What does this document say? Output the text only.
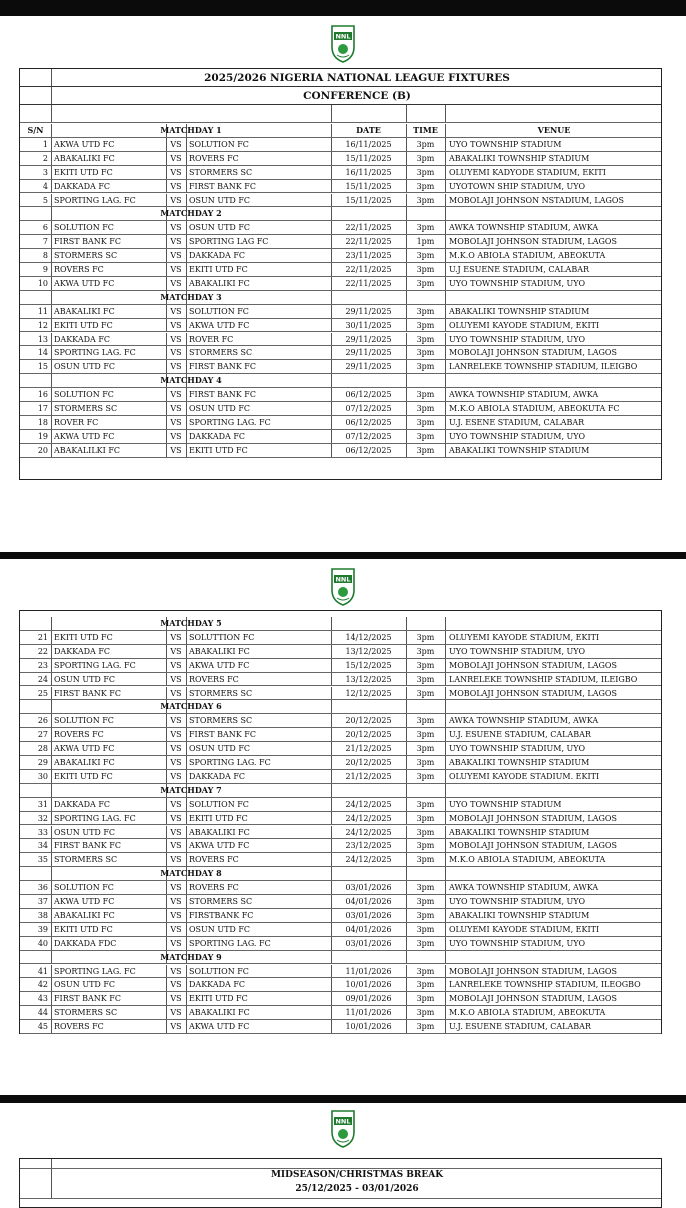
NNL
NNL
NNL
2025/2026 NIGERIA NATIONAL LEAGUE FIXTURES
CONFERENCE (B)
MATCHDAY 1
S/N	DATE	TIME	VENUE
1 AKWA UTD FC	VS SOLUTION FC	16/11/2025	3pm	UYO TOWNSHIP STADIUM
2 ABAKALIKI FC	VS ROVERS FC	15/11/2025	3pm	ABAKALIKI TOWNSHIP STADIUM
3 EKITI UTD FC	VS STORMERS SC	16/11/2025	3pm	OLUYEMI KADYODE STADIUM, EKITI
4 DAKKADA FC	VS FIRST BANK FC	15/11/2025	3pm	UYOTOWN SHIP STADIUM, UYO
5 SPORTING LAG. FC	VS OSUN UTD FC	15/11/2025	3pm	MOBOLAJI JOHNSON NSTADIUM, LAGOS
MATCHDAY 2
6 SOLUTION FC	VS OSUN UTD FC	22/11/2025	3pm	AWKA TOWNSHIP STADIUM, AWKA
7 FIRST BANK FC	VS SPORTING LAG FC	22/11/2025	1pm	MOBOLAJI JOHNSON STADIUM, LAGOS
8 STORMERS SC	VS DAKKADA FC	23/11/2025	3pm	M.K.O ABIOLA STADIUM, ABEOKUTA
9 ROVERS FC	VS EKITI UTD FC	22/11/2025	3pm	U.J ESUENE STADIUM, CALABAR
10 AKWA UTD FC	VS ABAKALIKI FC	22/11/2025	3pm	UYO TOWNSHIP STADIUM, UYO
MATCHDAY 3
11 ABAKALIKI FC	VS SOLUTION FC	29/11/2025	3pm	ABAKALIKI TOWNSHIP STADIUM
12 EKITI UTD FC	VS AKWA UTD FC	30/11/2025	3pm	OLUYEMI KAYODE STADIUM, EKITI
13 DAKKADA FC	VS ROVER FC	29/11/2025	3pm	UYO TOWNSHIP STADIUM, UYO
14 SPORTING LAG. FC	VS STORMERS SC	29/11/2025	3pm	MOBOLAJI JOHNSON STADIUM, LAGOS
15 OSUN UTD FC	VS FIRST BANK FC	29/11/2025	3pm	LANRELEKE TOWNSHIP STADIUM, ILEIGBO
MATCHDAY 4
16 SOLUTION FC	VS FIRST BANK FC	06/12/2025	3pm	AWKA TOWNSHIP STADIUM, AWKA
17 STORMERS SC	VS OSUN UTD FC	07/12/2025	3pm	M.K.O ABIOLA STADIUM, ABEOKUTA FC
18 ROVER FC	VS SPORTING LAG. FC	06/12/2025	3pm	U.J. ESENE STADIUM, CALABAR
19 AKWA UTD FC	VS DAKKADA FC	07/12/2025	3pm	UYO TOWNSHIP STADIUM, UYO
20 ABAKALILKI FC	VS EKITI UTD FC	06/12/2025	3pm	ABAKALIKI TOWNSHIP STADIUM
MATCHDAY 5
21 EKITI UTD FC	VS SOLUTTION FC	14/12/2025	3pm	OLUYEMI KAYODE STADIUM, EKITI
22 DAKKADA FC	VS ABAKALIKI FC	13/12/2025	3pm	UYO TOWNSHIP STADIUM, UYO
23 SPORTING LAG. FC	VS AKWA UTD FC	15/12/2025	3pm	MOBOLAJI JOHNSON STADIUM, LAGOS
24 OSUN UTD FC	VS ROVERS FC	13/12/2025	3pm	LANRELEKE TOWNSHIP STADIUM, ILEIGBO
25 FIRST BANK FC	VS STORMERS SC	12/12/2025	3pm	MOBOLAJI JOHNSON STADIUM, LAGOS
MATCHDAY 6
26 SOLUTION FC	VS STORMERS SC	20/12/2025	3pm	AWKA TOWNSHIP STADIUM, AWKA
27 ROVERS FC	VS FIRST BANK FC	20/12/2025	3pm	U.J. ESUENE STADIUM, CALABAR
28 AKWA UTD FC	VS OSUN UTD FC	21/12/2025	3pm	UYO TOWNSHIP STADIUM, UYO
29 ABAKALIKI FC	VS SPORTING LAG. FC	20/12/2025	3pm	ABAKALIKI TOWNSHIP STADIUM
30 EKITI UTD FC	VS DAKKADA FC	21/12/2025	3pm	OLUYEMI KAYODE STADIUM. EKITI
MATCHDAY 7
31 DAKKADA FC	VS SOLUTION FC	24/12/2025	3pm	UYO TOWNSHIP STADIUM
32 SPORTING LAG. FC	VS EKITI UTD FC	24/12/2025	3pm	MOBOLAJI JOHNSON STADIUM, LAGOS
33 OSUN UTD FC	VS ABAKALIKI FC	24/12/2025	3pm	ABAKALIKI TOWNSHIP STADIUM
34 FIRST BANK FC	VS AKWA UTD FC	23/12/2025	3pm	MOBOLAJI JOHNSON STADIUM, LAGOS
35 STORMERS SC	VS ROVERS FC	24/12/2025	3pm	M.K.O ABIOLA STADIUM, ABEOKUTA
MATCHDAY 8
36 SOLUTION FC	VS ROVERS FC	03/01/2026	3pm	AWKA TOWNSHIP STADIUM, AWKA
37 AKWA UTD FC	VS STORMERS SC	04/01/2026	3pm	UYO TOWNSHIP STADIUM, UYO
38 ABAKALIKI FC	VS FIRSTBANK FC	03/01/2026	3pm	ABAKALIKI TOWNSHIP STADIUM
39 EKITI UTD FC	VS OSUN UTD FC	04/01/2026	3pm	OLUYEMI KAYODE STADIUM, EKITI
40 DAKKADA FDC	VS SPORTING LAG. FC	03/01/2026	3pm	UYO TOWNSHIP STADIUM, UYO
MATCHDAY 9
41 SPORTING LAG. FC	VS SOLUTION FC	11/01/2026	3pm	MOBOLAJI JOHNSON STADIUM, LAGOS
42 OSUN UTD FC	VS DAKKADA FC	10/01/2026	3pm	LANRELEKE TOWNSHIP STADIUM, ILEOGBO
43 FIRST BANK FC	VS EKITI UTD FC	09/01/2026	3pm	MOBOLAJI JOHNSON STADIUM, LAGOS
44 STORMERS SC	VS ABAKALIKI FC	11/01/2026	3pm	M.K.O ABIOLA STADIUM, ABEOKUTA
45 ROVERS FC	VS AKWA UTD FC	10/01/2026	3pm	U.J. ESUENE STADIUM, CALABAR
MIDSEASON/CHRISTMAS BREAK
25/12/2025 - 03/01/2026
